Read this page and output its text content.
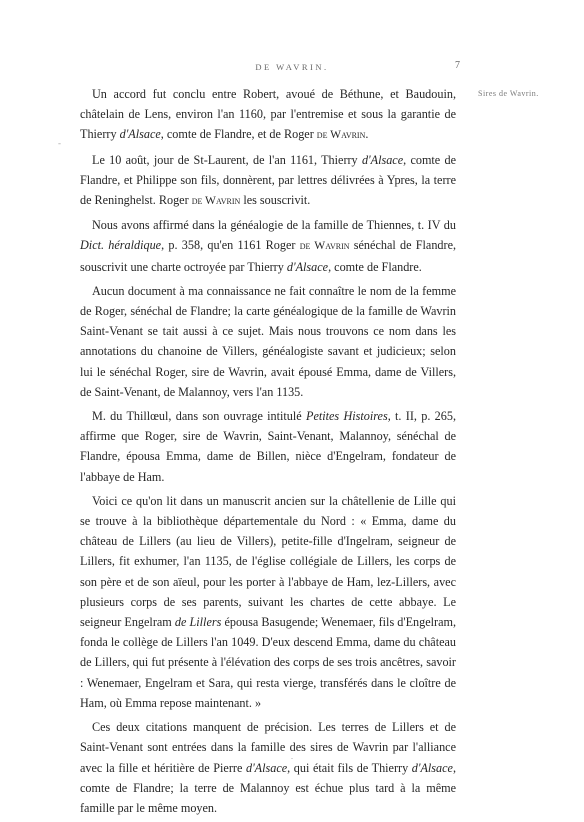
DE WAVRIN.	7
Sires de Wavrin.
-

Un accord fut conclu entre Robert, avoué de Béthune, et Baudouin, châtelain de Lens, environ l'an 1160, par l'entremise et sous la garantie de Thierry d'Alsace, comte de Flandre, et de Roger de Wavrin.

Le 10 août, jour de St-Laurent, de l'an 1161, Thierry d'Alsace, comte de Flandre, et Philippe son fils, donnèrent, par lettres délivrées à Ypres, la terre de Reninghelst. Roger de Wavrin les souscrivit.

Nous avons affirmé dans la généalogie de la famille de Thiennes, t. IV du Dict. héraldique, p. 358, qu'en 1161 Roger de Wavrin sénéchal de Flandre, souscrivit une charte octroyée par Thierry d'Alsace, comte de Flandre.

Aucun document à ma connaissance ne fait connaître le nom de la femme de Roger, sénéchal de Flandre; la carte généalogique de la famille de Wavrin Saint-Venant se tait aussi à ce sujet. Mais nous trouvons ce nom dans les annotations du chanoine de Villers, généalogiste savant et judicieux; selon lui le sénéchal Roger, sire de Wavrin, avait épousé Emma, dame de Villers, de Saint-Venant, de Malannoy, vers l'an 1135.

M. du Thillœul, dans son ouvrage intitulé Petites Histoires, t. II, p. 265, affirme que Roger, sire de Wavrin, Saint-Venant, Malannoy, sénéchal de Flandre, épousa Emma, dame de Billen, nièce d'Engelram, fondateur de l'abbaye de Ham.

Voici ce qu'on lit dans un manuscrit ancien sur la châtellenie de Lille qui se trouve à la bibliothèque départementale du Nord : « Emma, dame du château de Lillers (au lieu de Villers), petite-fille d'Ingelram, seigneur de Lillers, fit exhumer, l'an 1135, de l'église collégiale de Lillers, les corps de son père et de son aïeul, pour les porter à l'abbaye de Ham, lez-Lillers, avec plusieurs corps de ses parents, suivant les chartes de cette abbaye. Le seigneur Engelram de Lillers épousa Basugende; Wenemaer, fils d'Engelram, fonda le collège de Lillers l'an 1049. D'eux descend Emma, dame du château de Lillers, qui fut présente à l'élévation des corps de ses trois ancêtres, savoir : Wenemaer, Engelram et Sara, qui resta vierge, transférés dans le cloître de Ham, où Emma repose maintenant. »

Ces deux citations manquent de précision. Les terres de Lillers et de Saint-Venant sont entrées dans la famille des sires de Wavrin par l'alliance avec la fille et héritière de Pierre d'Alsace, qui était fils de Thierry d'Alsace, comte de Flandre; la terre de Malannoy est échue plus tard à la même famille par le même moyen.

.
